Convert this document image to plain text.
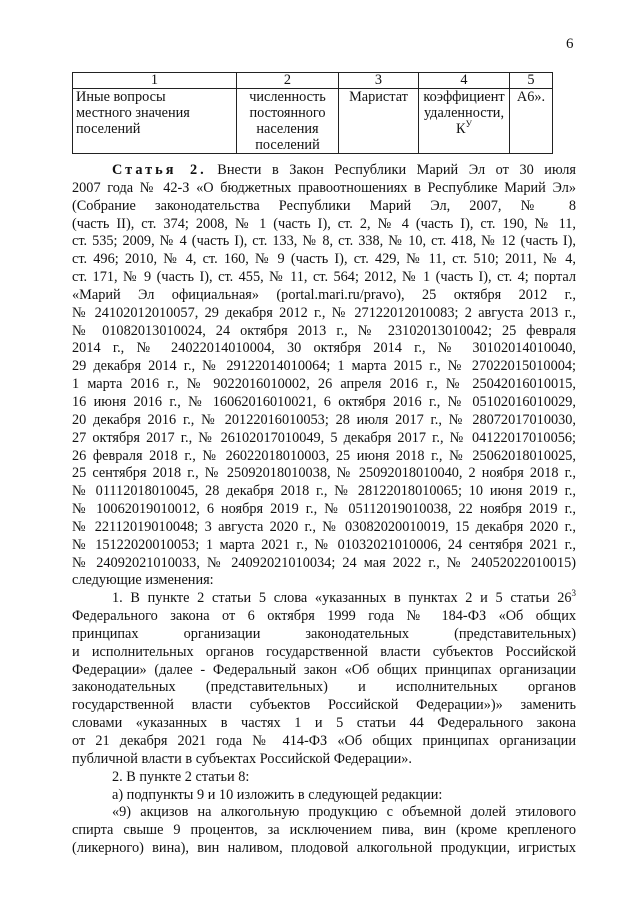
6
1	2	3	4	5

Иные вопросы
местного значения
поселений	численность
постоянного
населения
поселений	Маристат	коэффициент
удаленности,
$К^У$	А6».
Статья 2. Внести в Закон Республики Марий Эл от 30 июля
2007 года № 42-З «О бюджетных правоотношениях в Республике Марий Эл»
(Собрание законодательства Республики Марий Эл, 2007, № 8
(часть II), ст. 374; 2008, № 1 (часть I), ст. 2, № 4 (часть I), ст. 190, № 11,
ст. 535; 2009, № 4 (часть I), ст. 133, № 8, ст. 338, № 10, ст. 418, № 12 (часть I),
ст. 496; 2010, № 4, ст. 160, № 9 (часть I), ст. 429, № 11, ст. 510; 2011, № 4,
ст. 171, № 9 (часть I), ст. 455, № 11, ст. 564; 2012, № 1 (часть I), ст. 4; портал
«Марий Эл официальная» (portal.mari.ru/pravo), 25 октября 2012 г.,
№ 24102012010057, 29 декабря 2012 г., № 27122012010083; 2 августа 2013 г.,
№ 01082013010024, 24 октября 2013 г., № 23102013010042; 25 февраля
2014 г., № 24022014010004, 30 октября 2014 г., № 30102014010040,
29 декабря 2014 г., № 29122014010064; 1 марта 2015 г., № 27022015010004;
1 марта 2016 г., № 9022016010002, 26 апреля 2016 г., № 25042016010015,
16 июня 2016 г., № 16062016010021, 6 октября 2016 г., № 05102016010029,
20 декабря 2016 г., № 20122016010053; 28 июля 2017 г., № 28072017010030,
27 октября 2017 г., № 26102017010049, 5 декабря 2017 г., № 04122017010056;
26 февраля 2018 г., № 26022018010003, 25 июня 2018 г., № 25062018010025,
25 сентября 2018 г., № 25092018010038, № 25092018010040, 2 ноября 2018 г.,
№ 01112018010045, 28 декабря 2018 г., № 28122018010065; 10 июня 2019 г.,
№ 10062019010012, 6 ноября 2019 г., № 05112019010038, 22 ноября 2019 г.,
№ 22112019010048; 3 августа 2020 г., № 03082020010019, 15 декабря 2020 г.,
№ 15122020010053; 1 марта 2021 г., № 01032021010006, 24 сентября 2021 г.,
№ 24092021010033, № 24092021010034; 24 мая 2022 г., № 24052022010015)
следующие изменения:
1. В пункте 2 статьи 5 слова «указанных в пунктах 2 и 5 статьи $26^3$
Федерального закона от 6 октября 1999 года № 184-ФЗ «Об общих
принципах организации законодательных (представительных)
и исполнительных органов государственной власти субъектов Российской
Федерации» (далее - Федеральный закон «Об общих принципах организации
законодательных (представительных) и исполнительных органов
государственной власти субъектов Российской Федерации»)» заменить
словами «указанных в частях 1 и 5 статьи 44 Федерального закона
от 21 декабря 2021 года № 414-ФЗ «Об общих принципах организации
публичной власти в субъектах Российской Федерации».
2. В пункте 2 статьи 8:
а) подпункты 9 и 10 изложить в следующей редакции:
«9) акцизов на алкогольную продукцию с объемной долей этилового
спирта свыше 9 процентов, за исключением пива, вин (кроме крепленого
(ликерного) вина), вин наливом, плодовой алкогольной продукции, игристых
